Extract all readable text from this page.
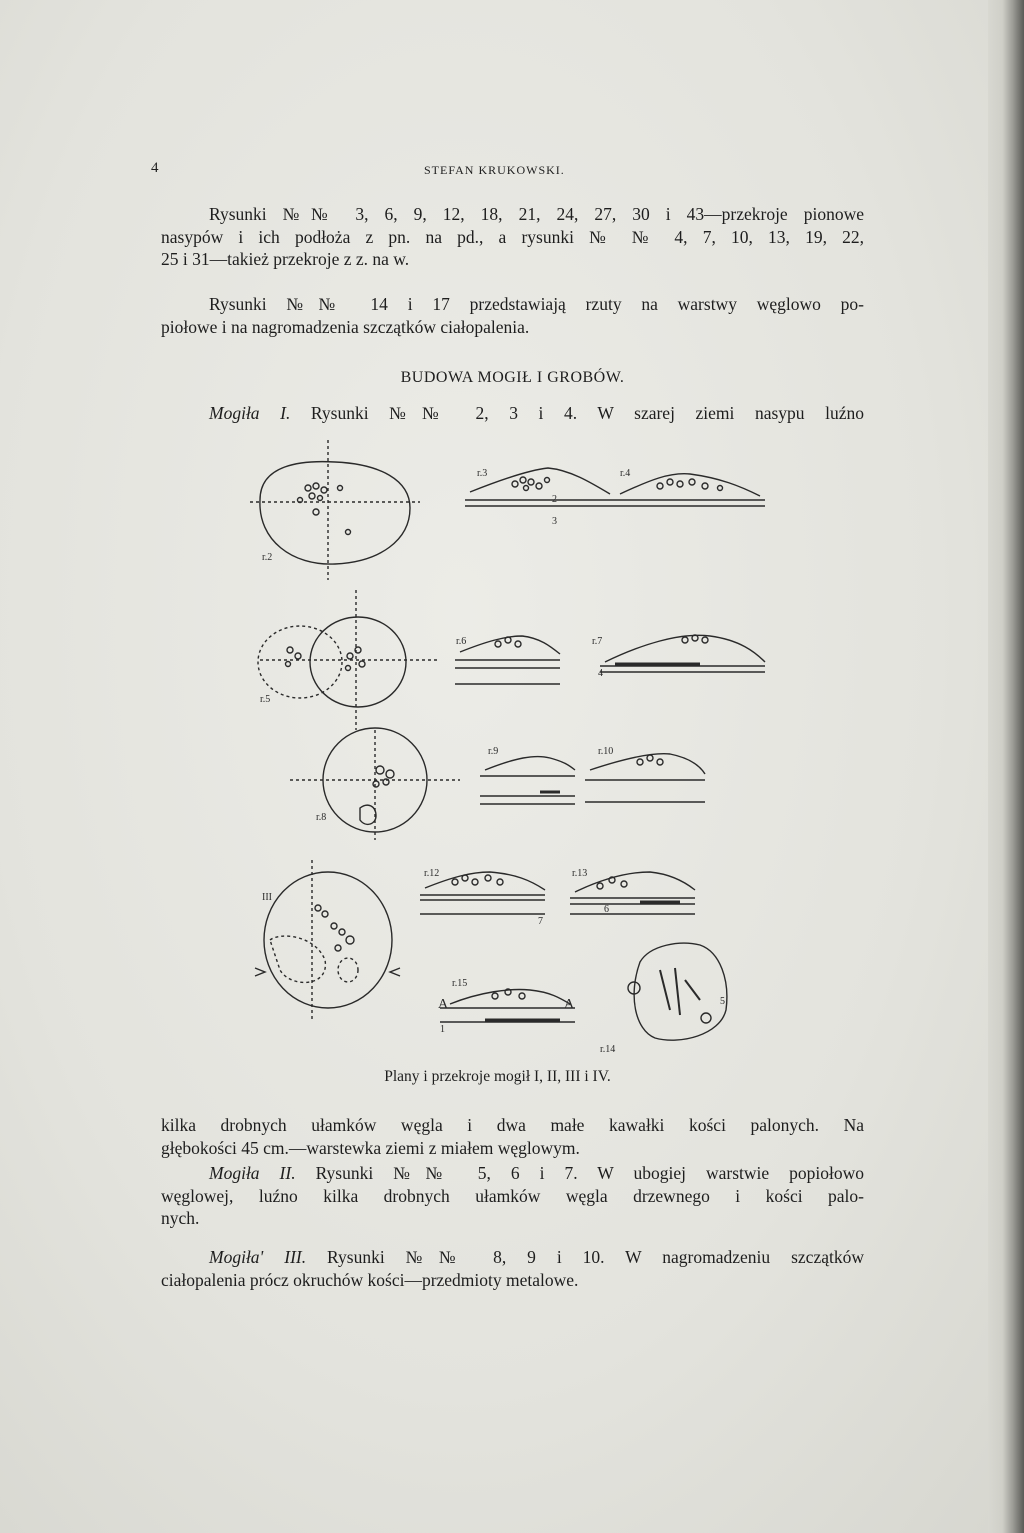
4	STEFAN KRUKOWSKI.
Rysunki №№ 3, 6, 9, 12, 18, 21, 24, 27, 30 i 43—przekroje pionowe
nasypów i ich podłoża z pn. na pd., a rysunki № № 4, 7, 10, 13, 19, 22,
25 i 31—takież przekroje z z. na w.
Rysunki №№ 14 i 17 przedstawiają rzuty na warstwy węglowo po-
piołowe i na nagromadzenia szczątków ciałopalenia.
BUDOWA MOGIŁ I GROBÓW.
Mogiła I. Rysunki №№ 2, 3 i 4. W szarej ziemi nasypu luźno
r.3	r.4
r.2
r.5
r.6	r.7
r.8
r.9	r.10
r.12	r.13
r.14
r.15
A	A
III
1
2
3
4
5
6
7
Plany i przekroje mogił I, II, III i IV.
kilka drobnych ułamków węgla i dwa małe kawałki kości palonych. Na
głębokości 45 cm.—warstewka ziemi z miałem węglowym.
Mogiła II. Rysunki №№ 5, 6 i 7. W ubogiej warstwie popiołowo
węglowej, luźno kilka drobnych ułamków węgla drzewnego i kości palo-
nych.
Mogiła' III. Rysunki №№ 8, 9 i 10. W nagromadzeniu szczątków
ciałopalenia prócz okruchów kości—przedmioty metalowe.
